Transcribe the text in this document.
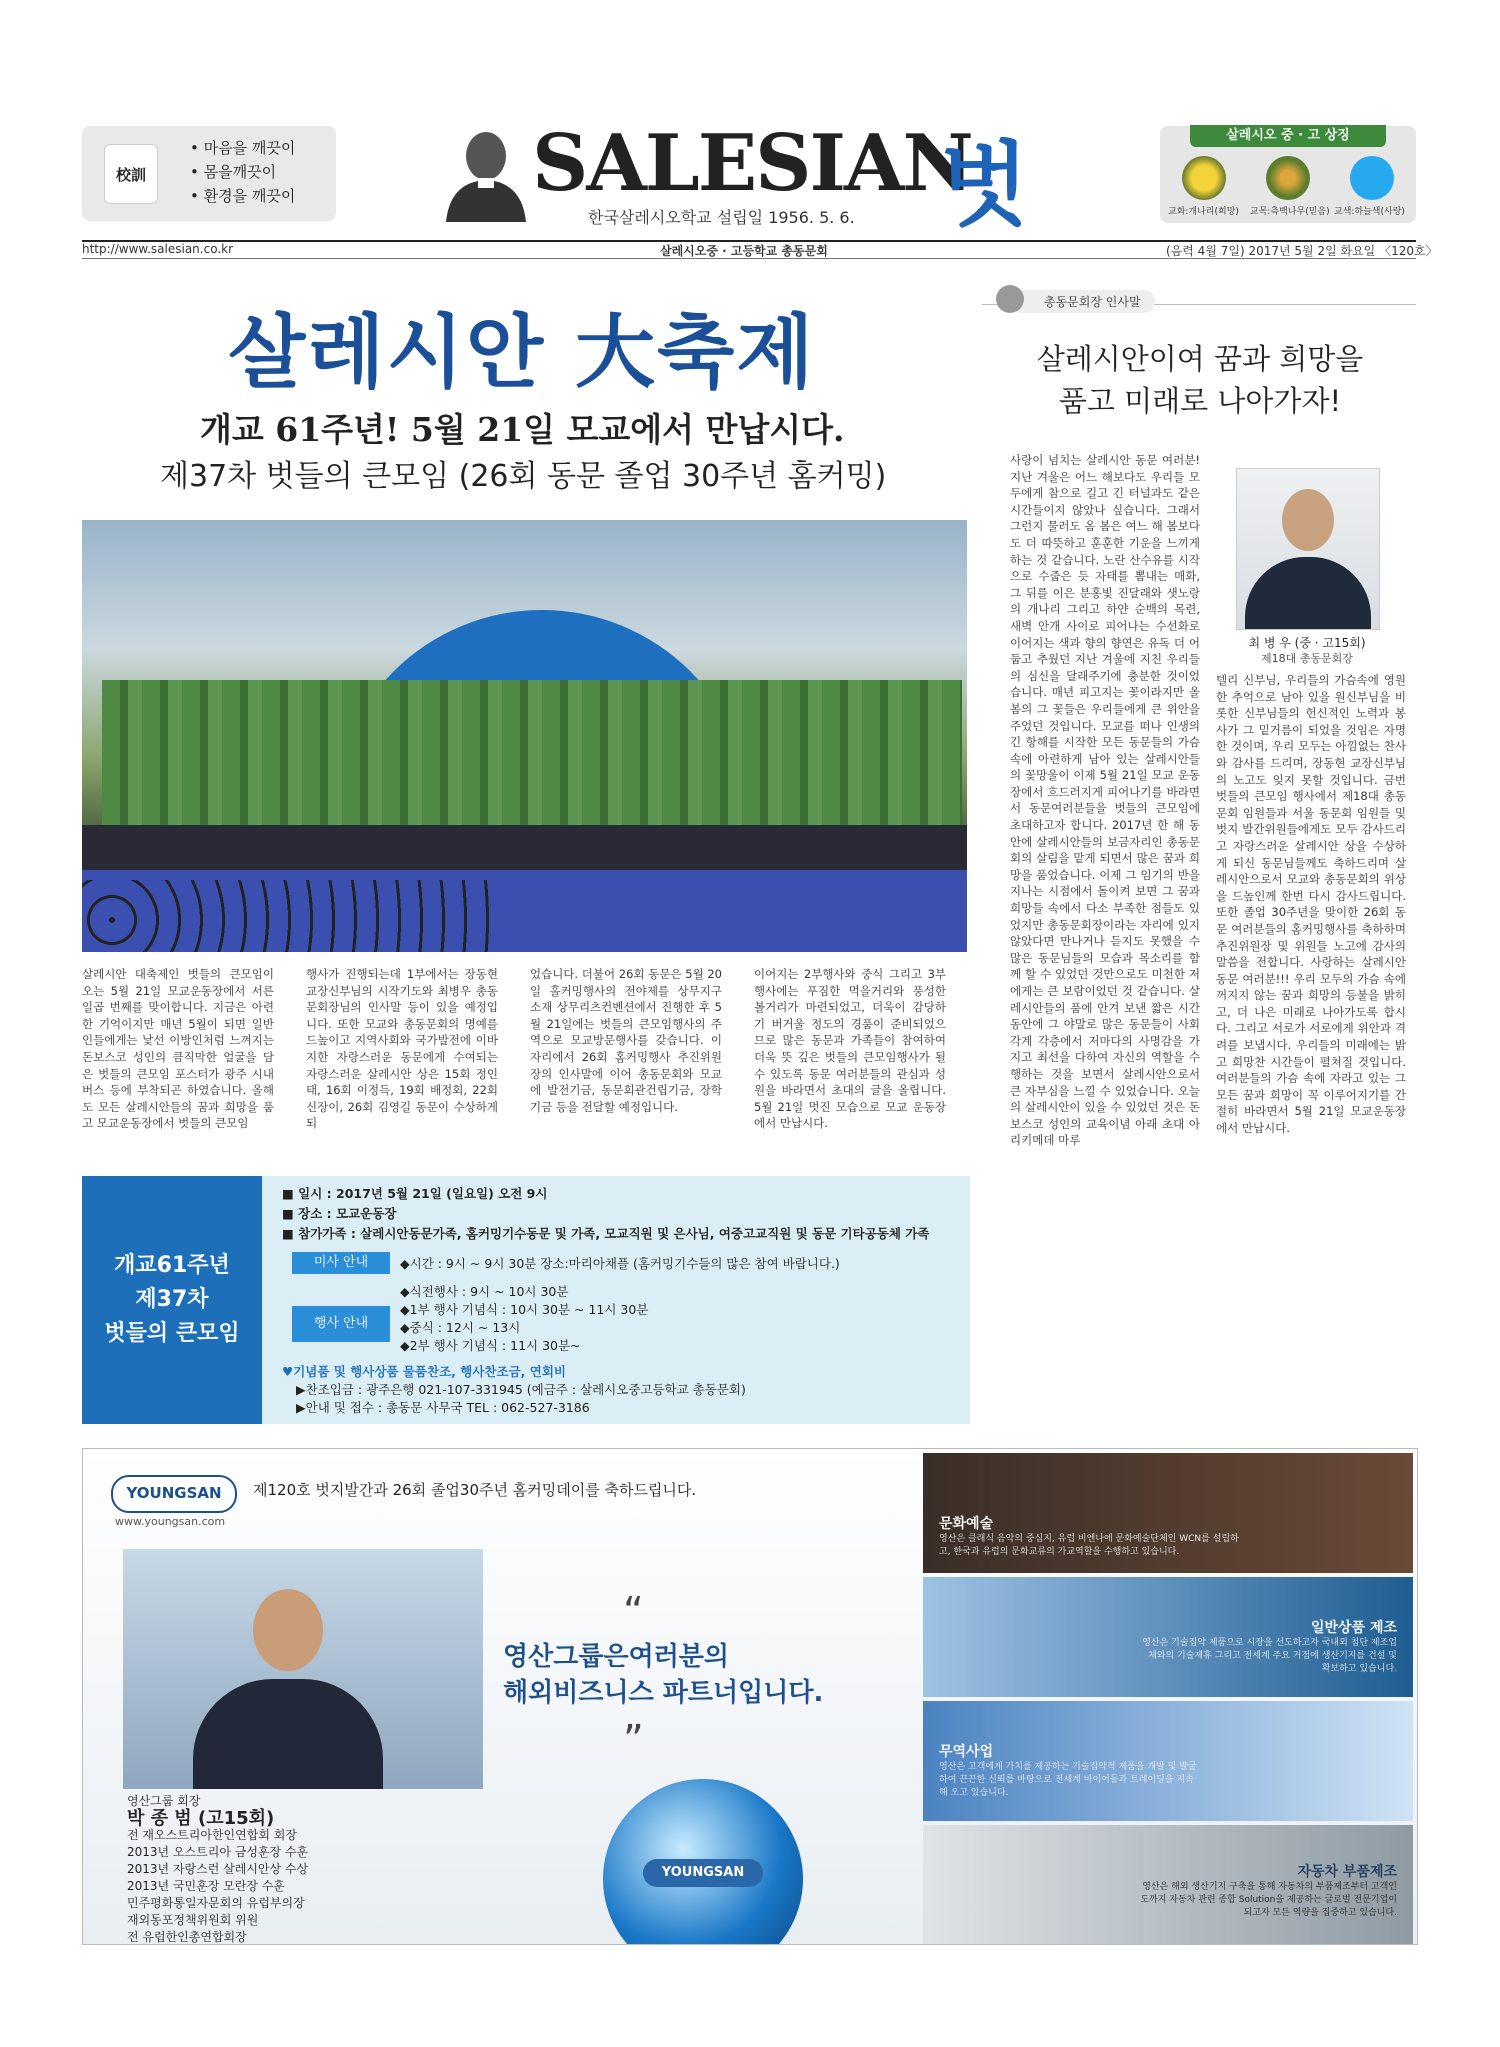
校訓
• 마음을 깨끗이
• 몸을깨끗이
• 환경을 깨끗이	SALESIAN
벗
한국살레시오학교 설립일 1956. 5. 6.
살레시오 중 · 고 상징
교화:개나리(희망) 교목:측백나무(믿음) 교색:하늘색(사랑)
http://www.salesian.co.kr	살레시오중 · 고등학교 총동문회	(음력 4월 7일) 2017년 5월 2일 화요일 〈120호〉
살레시안 大축제
개교 61주년! 5월 21일 모교에서 만납시다.
제37차 벗들의 큰모임 (26회 동문 졸업 30주년 홈커밍)
살레시안 대축제인 벗들의 큰모임이 오는 5월 21일 모교운동장에서 서른 일곱 번째를 맞이합니다. 지금은 아련한 기억이지만 매년 5월이 되면 일반인들에게는 낯선 이방인처럼 느껴지는 돈보스코 성인의 큼직막한 얼굴을 담은 벗들의 큰모임 포스터가 광주 시내버스 등에 부착되곤 하였습니다. 올해도 모든 살레시안들의 꿈과 희망을 품고 모교운동장에서 벗들의 큰모임
행사가 진행되는데 1부에서는 장동현 교장신부님의 시작기도와 최병우 총동문회장님의 인사말 등이 있을 예정입니다. 또한 모교와 총동문회의 명예를 드높이고 지역사회와 국가발전에 이바지한 자랑스러운 동문에게 수여되는 자랑스러운 살레시안 상은 15회 정인태, 16회 이정득, 19회 배정회, 22회 신장이, 26회 김영길 동문이 수상하게 되
었습니다. 더불어 26회 동문은 5월 20일 홀커밍행사의 전야제를 상무지구 소재 상무리츠컨벤션에서 진행한 후 5월 21일에는 벗들의 큰모임행사의 주역으로 모교방문행사를 갖습니다. 이 자리에서 26회 홈커밍행사 추진위원장의 인사말에 이어 총동문회와 모교에 발전기금, 동문회관건립기금, 장학기금 등을 전달할 예정입니다.
이어지는 2부행사와 중식 그리고 3부행사에는 푸짐한 먹을거리와 풍성한 볼거리가 마련되었고, 더욱이 감당하기 버거울 정도의 경품이 준비되었으므로 많은 동문과 가족들이 참여하여 더욱 뜻 깊은 벗들의 큰모임행사가 될 수 있도록 동문 여러분들의 관심과 성원을 바라면서 초대의 글을 올립니다. 5월 21일 멋진 모습으로 모교 운동장에서 만납시다.
개교61주년
제37차
벗들의 큰모임
■ 일시 : 2017년 5월 21일 (일요일) 오전 9시
■ 장소 : 모교운동장
■ 참가가족 : 살레시안동문가족, 홈커밍기수동문 및 가족, 모교직원 및 은사님, 여중고교직원 및 동문 기타공동체 가족
미사 안내	◆시간 : 9시 ~ 9시 30분 장소:마리아채플 (홈커밍기수들의 많은 참여 바랍니다.)
행사 안내
◆식전행사 : 9시 ~ 10시 30분
◆1부 행사 기념식 : 10시 30분 ~ 11시 30분
◆중식 : 12시 ~ 13시
◆2부 행사 기념식 : 11시 30분~
♥기념품 및 행사상품 물품찬조, 행사찬조금, 연회비
▶찬조입금 : 광주은행 021-107-331945 (예금주 : 살레시오중고등학교 총동문회)
▶안내 및 접수 : 총동문 사무국 TEL : 062-527-3186
총동문회장 인사말
살레시안이여 꿈과 희망을
품고 미래로 나아가자!
사랑이 넘치는 살레시안 동문 여러분! 지난 겨울은 어느 해보다도 우리들 모두에게 참으로 길고 긴 터널과도 같은 시간들이지 않았나 싶습니다. 그래서 그런지 물러도 옴 봄은 여느 해 봄보다도 더 따뜻하고 훈훈한 기운을 느끼게 하는 것 같습니다. 노란 산수유를 시작으로 수줍은 듯 자태를 뽐내는 매화, 그 뒤를 이은 분홍빛 진달래와 샛노랑의 개나리 그리고 하얀 순백의 목련, 새벽 안개 사이로 피어나는 수선화로 이어지는 색과 향의 향연은 유독 더 어둡고 추웠던 지난 겨울에 지친 우리들의 심신을 달래주기에 충분한 것이었습니다. 매년 피고지는 꽃이라지만 올 봄의 그 꽃들은 우리들에게 큰 위안을 주었던 것입니다. 모교를 떠나 인생의 긴 항해를 시작한 모든 동문들의 가슴 속에 아련하게 남아 있는 살레시안들의 꽃망울이 이제 5월 21일 모교 운동장에서 흐드러지게 피어나기를 바라면서 동문여러분들을 벗들의 큰모임에 초대하고자 합니다. 2017년 한 해 동안에 살레시안들의 보금자리인 총동문회의 살림을 맡게 되면서 많은 꿈과 희망을 품었습니다. 이제 그 임기의 반을 지나는 시점에서 돌이켜 보면 그 꿈과 희망들 속에서 다소 부족한 점들도 있었지만 총동문회장이라는 자리에 있지 않았다면 만나거나 듣지도 못했을 수 많은 동문님들의 모습과 목소리를 함께 할 수 있었던 것만으로도 미천한 저에게는 큰 보람이었던 것 같습니다. 살레시안들의 품에 안겨 보낸 짧은 시간 동안에 그 야말로 많은 동문들이 사회 각계 각층에서 저마다의 사명감을 가지고 최선을 다하여 자신의 역할을 수행하는 것을 보면서 살레시안으로서 큰 자부심을 느낄 수 있었습니다. 오늘의 살레시안이 있을 수 있었던 것은 돈 보스코 성인의 교육이념 아래 초대 아리키메데 마루
최 병 우 (중 · 고15회)
제18대 총동문회장
텔리 신부님, 우리들의 가슴속에 영원한 추억으로 남아 있을 원신부님을 비롯한 신부님들의 헌신적인 노력과 봉사가 그 밑거름이 되었을 것임은 자명한 것이며, 우리 모두는 아낌없는 찬사와 감사를 드리며, 장동현 교장신부님의 노고도 잊지 못할 것입니다. 금번 벗들의 큰모임 행사에서 제18대 총동문회 임원들과 서울 동문회 임원들 및 벗지 발간위원들에게도 모두 감사드리고 자랑스러운 살레시안 상을 수상하게 되신 동문님들께도 축하드리며 살레시안으로서 모교와 총동문회의 위상을 드높인께 한번 다시 감사드립니다. 또한 졸업 30주년을 맞이한 26회 동문 여러분들의 홈커밍행사를 축하하며 추진위원장 및 위원들 노고에 감사의 말씀을 전합니다. 사랑하는 살레시안 동문 여러분!!! 우리 모두의 가슴 속에 꺼지지 않는 꿈과 희망의 등불을 밝히고, 더 나은 미래로 나아가도록 합시다. 그리고 서로가 서로에게 위안과 격려를 보냅시다. 우리들의 미래에는 밝고 희망찬 시간들이 펼쳐질 것입니다. 여러분들의 가슴 속에 자라고 있는 그 모든 꿈과 희망이 꼭 이루어지기를 간절히 바라면서 5월 21일 모교운동장에서 만납시다.
YOUNGSAN
www.youngsan.com
제120호 벗지발간과 26회 졸업30주년 홈커밍데이를 축하드립니다.
“
영산그룹은여러분의
해외비즈니스 파트너입니다.
”
YOUNGSAN
영산그룹 회장
박 종 범 (고15회)
전 재오스트리아한인연합회 회장
2013년 오스트리아 금성훈장 수훈
2013년 자랑스런 살레시안상 수상
2013년 국민훈장 모란장 수훈
민주평화통일자문회의 유럽부의장
재외동포정책위원회 위원
전 유럽한인총연합회장
문화예술
영산은 클래식 음악의 중심지, 유럽 비엔나에 문화예술단체인 WCN를 설립하고, 한국과 유럽의 문화교류의 가교역할을 수행하고 있습니다.
일반상품 제조
영산은 기술집약 제품으로 시장을 선도하고자 국내외 첨단 제조업체와의 기술제휴 그리고 전세계 주요 거점에 생산기지를 건설 및 확보하고 있습니다.
무역사업
영산은 고객에게 가치를 제공하는 기술집약적 제품을 개발 및 발굴하여 끈끈한 신뢰를 바탕으로 전세계 바이어들과 트레이딩을 지속해 오고 있습니다.
자동차 부품제조
영산은 해외 생산기지 구축을 통해 자동차의 부품제조부터 고객인도까지 자동차 관련 종합 Solution을 제공하는 글로벌 전문기업이 되고자 모든 역량을 집중하고 있습니다.
